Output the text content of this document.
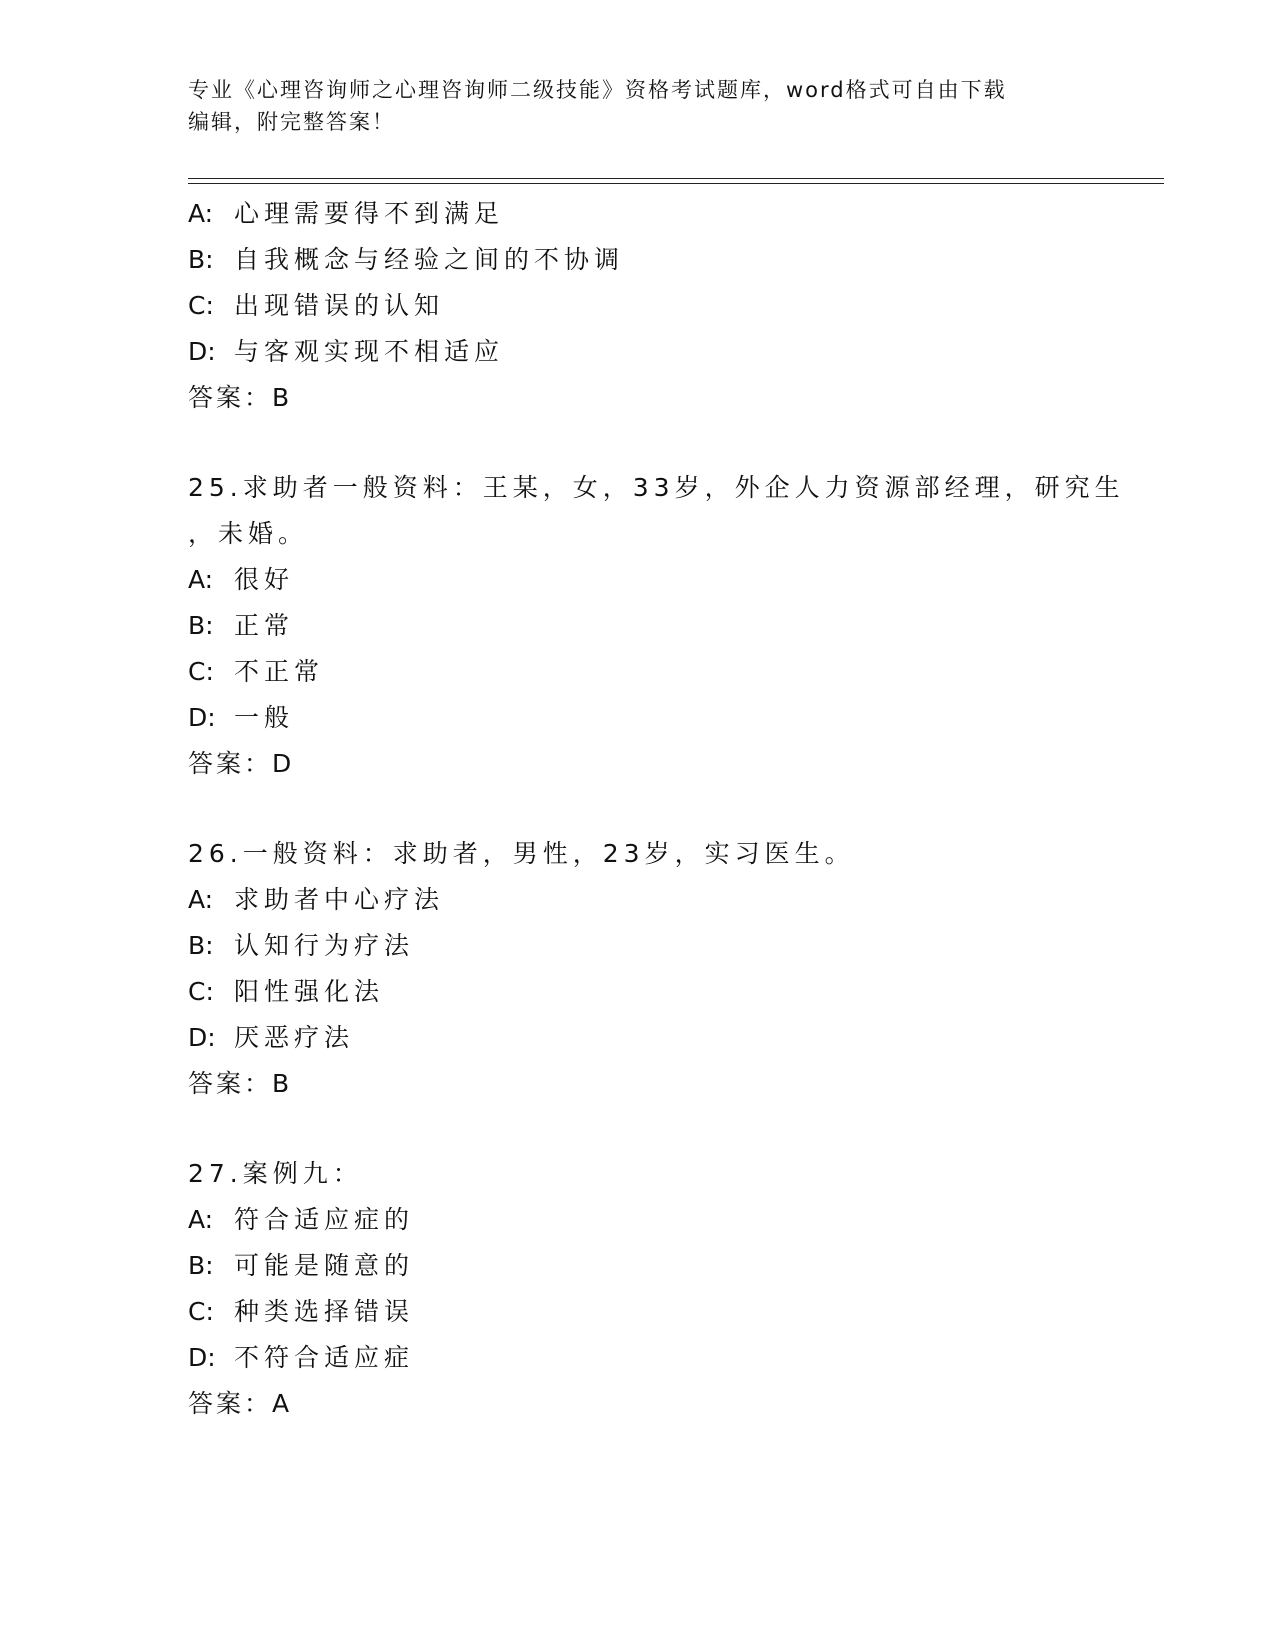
专业《心理咨询师之心理咨询师二级技能》资格考试题库，word格式可自由下载
编辑，附完整答案！
A: 心理需要得不到满足
B: 自我概念与经验之间的不协调
C: 出现错误的认知
D: 与客观实现不相适应
答案：B
25.求助者一般资料：王某，女，33岁，外企人力资源部经理，研究生
，未婚。
A: 很好
B: 正常
C: 不正常
D: 一般
答案：D
26.一般资料：求助者，男性，23岁，实习医生。
A: 求助者中心疗法
B: 认知行为疗法
C: 阳性强化法
D: 厌恶疗法
答案：B
27.案例九：
A: 符合适应症的
B: 可能是随意的
C: 种类选择错误
D: 不符合适应症
答案：A
